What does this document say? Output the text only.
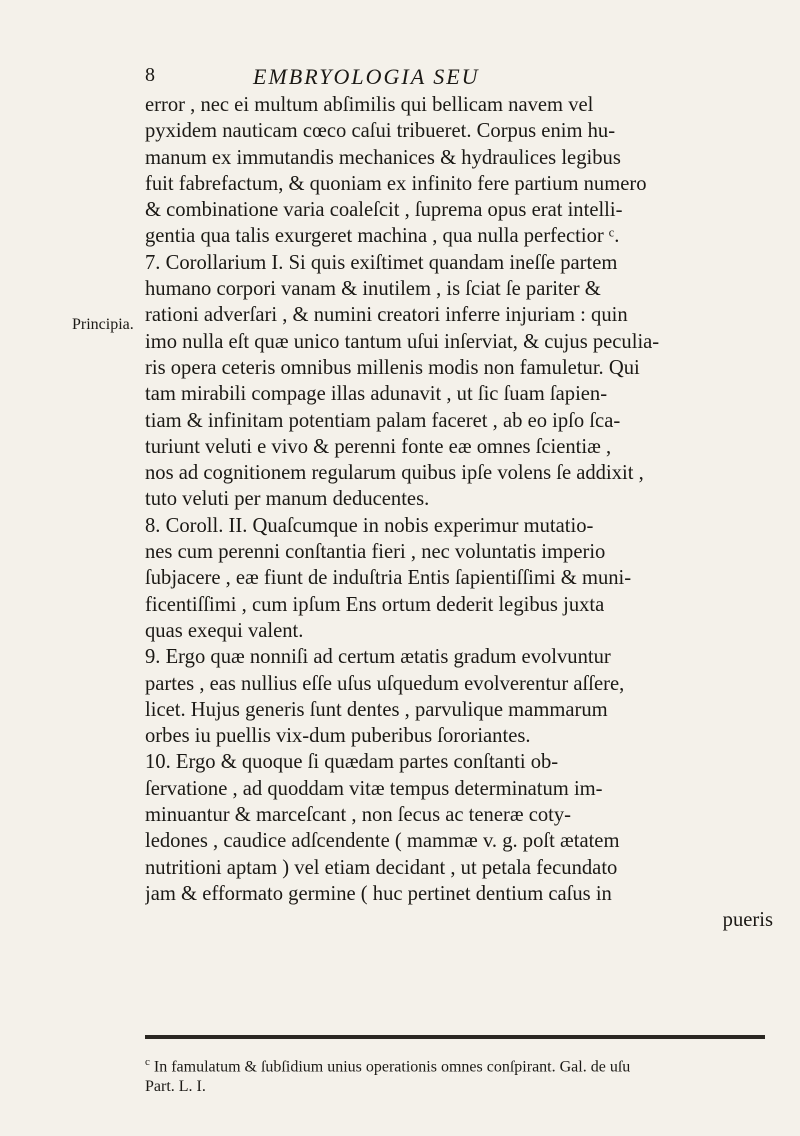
8	EMBRYOLOGIA SEU
Principia.
error , nec ei multum abſimilis qui bellicam navem vel
pyxidem nauticam cœco caſui tribueret. Corpus enim hu-
manum ex immutandis mechanices & hydraulices legibus
fuit fabrefactum, & quoniam ex infinito fere partium numero
& combinatione varia coaleſcit , ſuprema opus erat intelli-
gentia qua talis exurgeret machina , qua nulla perfectior ᶜ.
7. Corollarium I. Si quis exiſtimet quandam ineſſe partem
humano corpori vanam & inutilem , is ſciat ſe pariter &
rationi adverſari , & numini creatori inferre injuriam : quin
imo nulla eſt quæ unico tantum uſui inſerviat, & cujus peculia-
ris opera ceteris omnibus millenis modis non famuletur. Qui
tam mirabili compage illas adunavit , ut ſic ſuam ſapien-
tiam & infinitam potentiam palam faceret , ab eo ipſo ſca-
turiunt veluti e vivo & perenni fonte eæ omnes ſcientiæ ,
nos ad cognitionem regularum quibus ipſe volens ſe addixit ,
tuto veluti per manum deducentes.
8. Coroll. II. Quaſcumque in nobis experimur mutatio-
nes cum perenni conſtantia fieri , nec voluntatis imperio
ſubjacere , eæ fiunt de induſtria Entis ſapientiſſimi & muni-
ficentiſſimi , cum ipſum Ens ortum dederit legibus juxta
quas exequi valent.
9. Ergo quæ nonniſi ad certum ætatis gradum evolvuntur
partes , eas nullius eſſe uſus uſquedum evolverentur aſſere,
licet. Hujus generis ſunt dentes , parvulique mammarum
orbes iu puellis vix-dum puberibus ſororiantes.
10. Ergo & quoque ſi quædam partes conſtanti ob-
ſervatione , ad quoddam vitæ tempus determinatum im-
minuantur & marceſcant , non ſecus ac teneræ coty-
ledones , caudice adſcendente ( mammæ v. g. poſt ætatem
nutritioni aptam ) vel etiam decidant , ut petala fecundato
jam & efformato germine ( huc pertinet dentium caſus in
pueris
$^c$ In famulatum & ſubſidium unius operationis omnes conſpirant. Gal. de uſu
Part. L. I.
